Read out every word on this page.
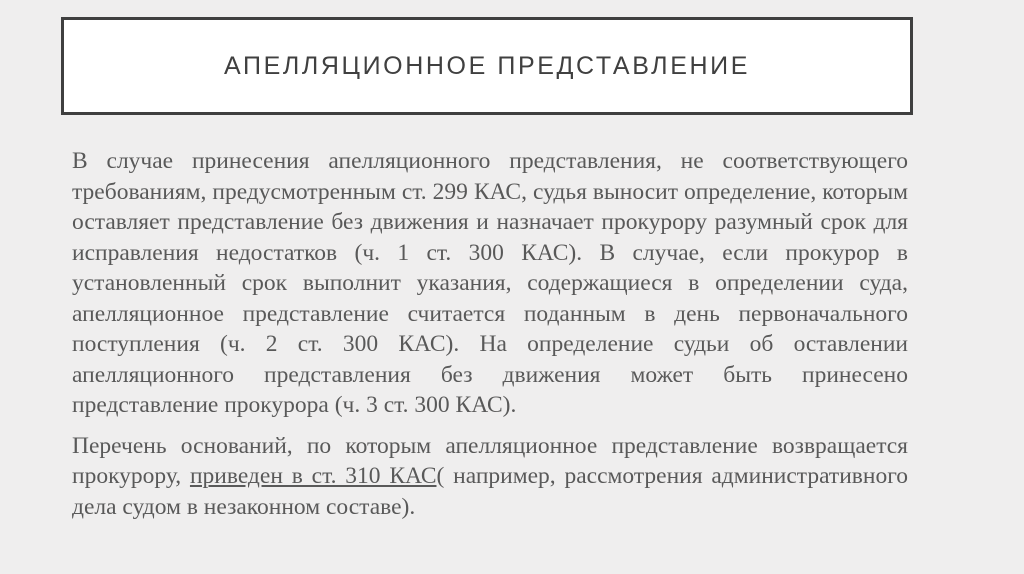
АПЕЛЛЯЦИОННОЕ ПРЕДСТАВЛЕНИЕ

В случае принесения апелляционного представления, не соответствующего требованиям, предусмотренным ст. 299 КАС, судья выносит определение, которым оставляет представление без движения и назначает прокурору разумный срок для исправления недостатков (ч. 1 ст. 300 КАС). В случае, если прокурор в установленный срок выполнит указания, содержащиеся в определении суда, апелляционное представление считается поданным в день первоначального поступления (ч. 2 ст. 300 КАС). На определение судьи об оставлении апелляционного представления без движения может быть принесено представление прокурора (ч. 3 ст. 300 КАС).

Перечень оснований, по которым апелляционное представление возвращается прокурору, приведен в ст. 310 КАС( например, рассмотрения административного дела судом в незаконном составе).
